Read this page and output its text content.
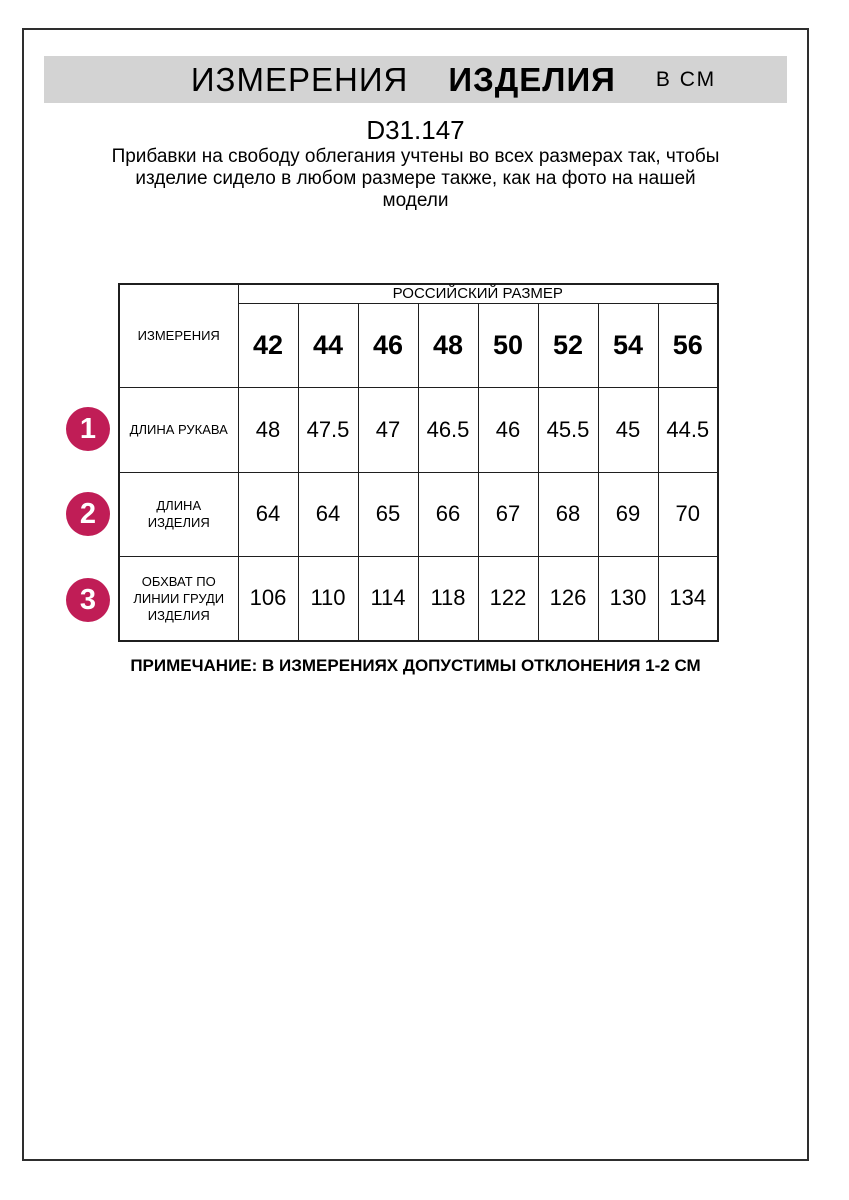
ИЗМЕРЕНИЯ ИЗДЕЛИЯ В СМ
D31.147
Прибавки на свободу облегания учтены во всех размерах так, чтобы
изделие сидело в любом размере также, как на фото на нашей
модели
ИЗМЕРЕНИЯ	РОССИЙСКИЙ РАЗМЕР							
	42	44	46	48	50	52	54	56
ДЛИНА РУКАВА	48	47.5	47	46.5	46	45.5	45	44.5
ДЛИНА
ИЗДЕЛИЯ	64	64	65	66	67	68	69	70
ОБХВАТ ПО
ЛИНИИ ГРУДИ
ИЗДЕЛИЯ	106	110	114	118	122	126	130	134
1
2
3
ПРИМЕЧАНИЕ: В ИЗМЕРЕНИЯХ ДОПУСТИМЫ ОТКЛОНЕНИЯ 1-2 СМ
